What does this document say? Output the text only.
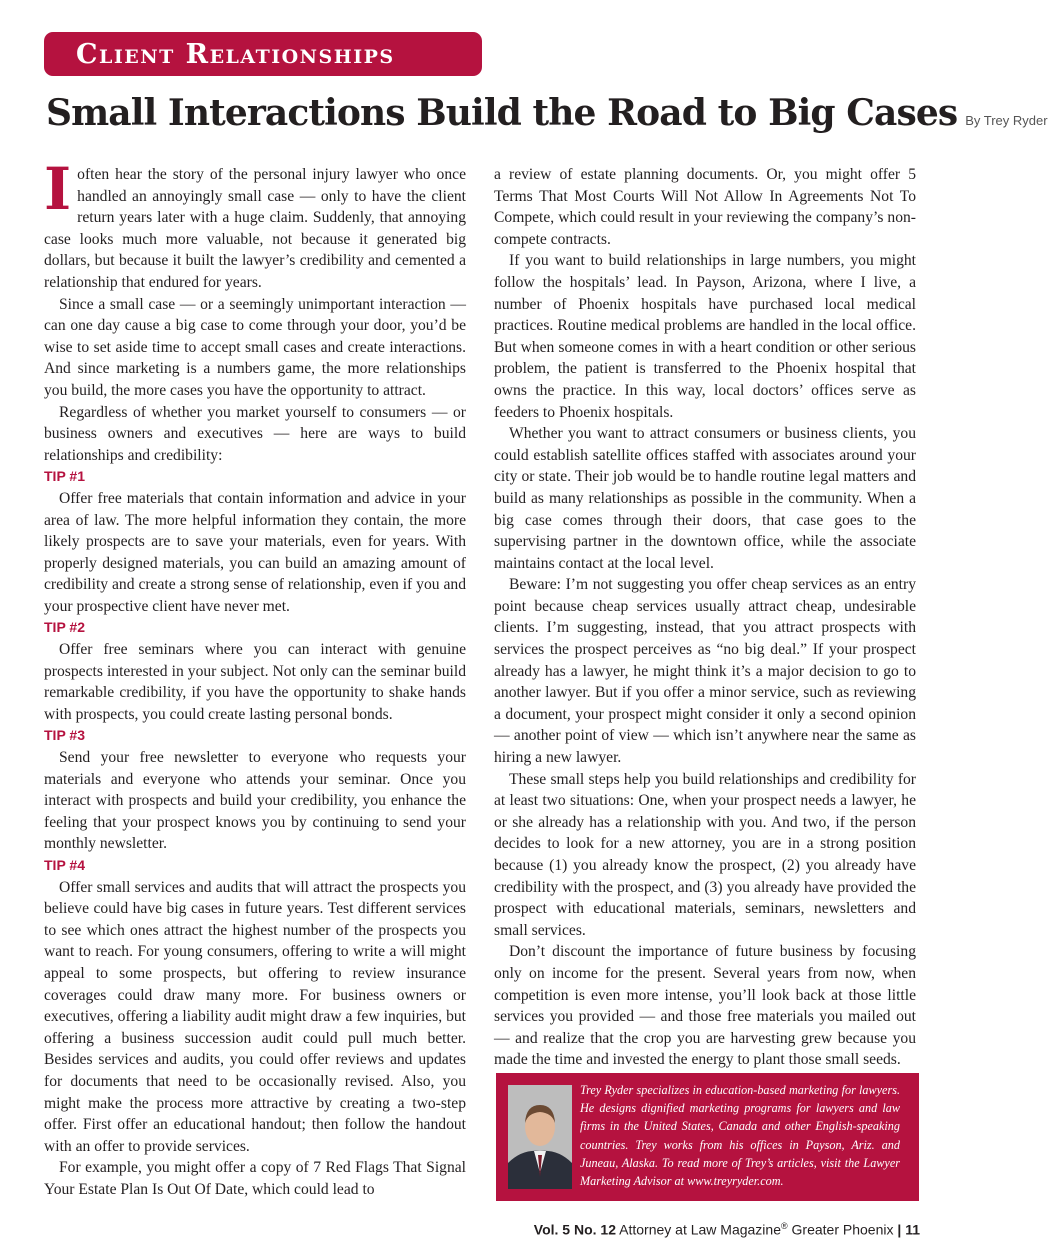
Client Relationships
Small Interactions Build the Road to Big Cases By Trey Ryder

Ioften hear the story of the personal injury lawyer who once handled an annoyingly small case — only to have the client return years later with a huge claim. Suddenly, that annoying case looks much more valuable, not because it generated big dollars, but because it built the lawyer’s credibility and cemented a relationship that endured for years.

Since a small case — or a seemingly unimportant interaction — can one day cause a big case to come through your door, you’d be wise to set aside time to accept small cases and create interactions. And since marketing is a numbers game, the more relationships you build, the more cases you have the opportunity to attract.

Regardless of whether you market yourself to consumers — or business owners and executives — here are ways to build relationships and credibility:

TIP #1

Offer free materials that contain information and advice in your area of law. The more helpful information they contain, the more likely prospects are to save your materials, even for years. With properly designed materials, you can build an amazing amount of credibility and create a strong sense of relationship, even if you and your prospective client have never met.

TIP #2

Offer free seminars where you can interact with genuine prospects interested in your subject. Not only can the seminar build remarkable credibility, if you have the opportunity to shake hands with prospects, you could create lasting personal bonds.

TIP #3

Send your free newsletter to everyone who requests your materials and everyone who attends your seminar. Once you interact with prospects and build your credibility, you enhance the feeling that your prospect knows you by continuing to send your monthly newsletter.

TIP #4

Offer small services and audits that will attract the prospects you believe could have big cases in future years. Test different services to see which ones attract the highest number of the prospects you want to reach. For young consumers, offering to write a will might appeal to some prospects, but offering to review insurance coverages could draw many more. For business owners or executives, offering a liability audit might draw a few inquiries, but offering a business succession audit could pull much better. Besides services and audits, you could offer reviews and updates for documents that need to be occasionally revised. Also, you might make the process more attractive by creating a two-step offer. First offer an educational handout; then follow the handout with an offer to provide services.

For example, you might offer a copy of 7 Red Flags That Signal Your Estate Plan Is Out Of Date, which could lead to

a review of estate planning documents. Or, you might offer 5 Terms That Most Courts Will Not Allow In Agreements Not To Compete, which could result in your reviewing the company’s non-compete contracts.

If you want to build relationships in large numbers, you might follow the hospitals’ lead. In Payson, Arizona, where I live, a number of Phoenix hospitals have purchased local medical practices. Routine medical problems are handled in the local office. But when someone comes in with a heart condition or other serious problem, the patient is transferred to the Phoenix hospital that owns the practice. In this way, local doctors’ offices serve as feeders to Phoenix hospitals.

Whether you want to attract consumers or business clients, you could establish satellite offices staffed with associates around your city or state. Their job would be to handle routine legal matters and build as many relationships as possible in the community. When a big case comes through their doors, that case goes to the supervising partner in the downtown office, while the associate maintains contact at the local level.

Beware: I’m not suggesting you offer cheap services as an entry point because cheap services usually attract cheap, undesirable clients. I’m suggesting, instead, that you attract prospects with services the prospect perceives as “no big deal.” If your prospect already has a lawyer, he might think it’s a major decision to go to another lawyer. But if you offer a minor service, such as reviewing a document, your prospect might consider it only a second opinion — another point of view — which isn’t anywhere near the same as hiring a new lawyer.

These small steps help you build relationships and credibility for at least two situations: One, when your prospect needs a lawyer, he or she already has a relationship with you. And two, if the person decides to look for a new attorney, you are in a strong position because (1) you already know the prospect, (2) you already have credibility with the prospect, and (3) you already have provided the prospect with educational materials, seminars, newsletters and small services.

Don’t discount the importance of future business by focusing only on income for the present. Several years from now, when competition is even more intense, you’ll look back at those little services you provided — and those free materials you mailed out — and realize that the crop you are harvesting grew because you made the time and invested the energy to plant those small seeds.

Trey Ryder specializes in education-based marketing for lawyers. He designs dignified marketing programs for lawyers and law firms in the United States, Canada and other English-speaking countries. Trey works from his offices in Payson, Ariz. and Juneau, Alaska. To read more of Trey’s articles, visit the Lawyer Marketing Advisor at www.treyryder.com.
Vol. 5 No. 12 Attorney at Law Magazine® Greater Phoenix | 11
